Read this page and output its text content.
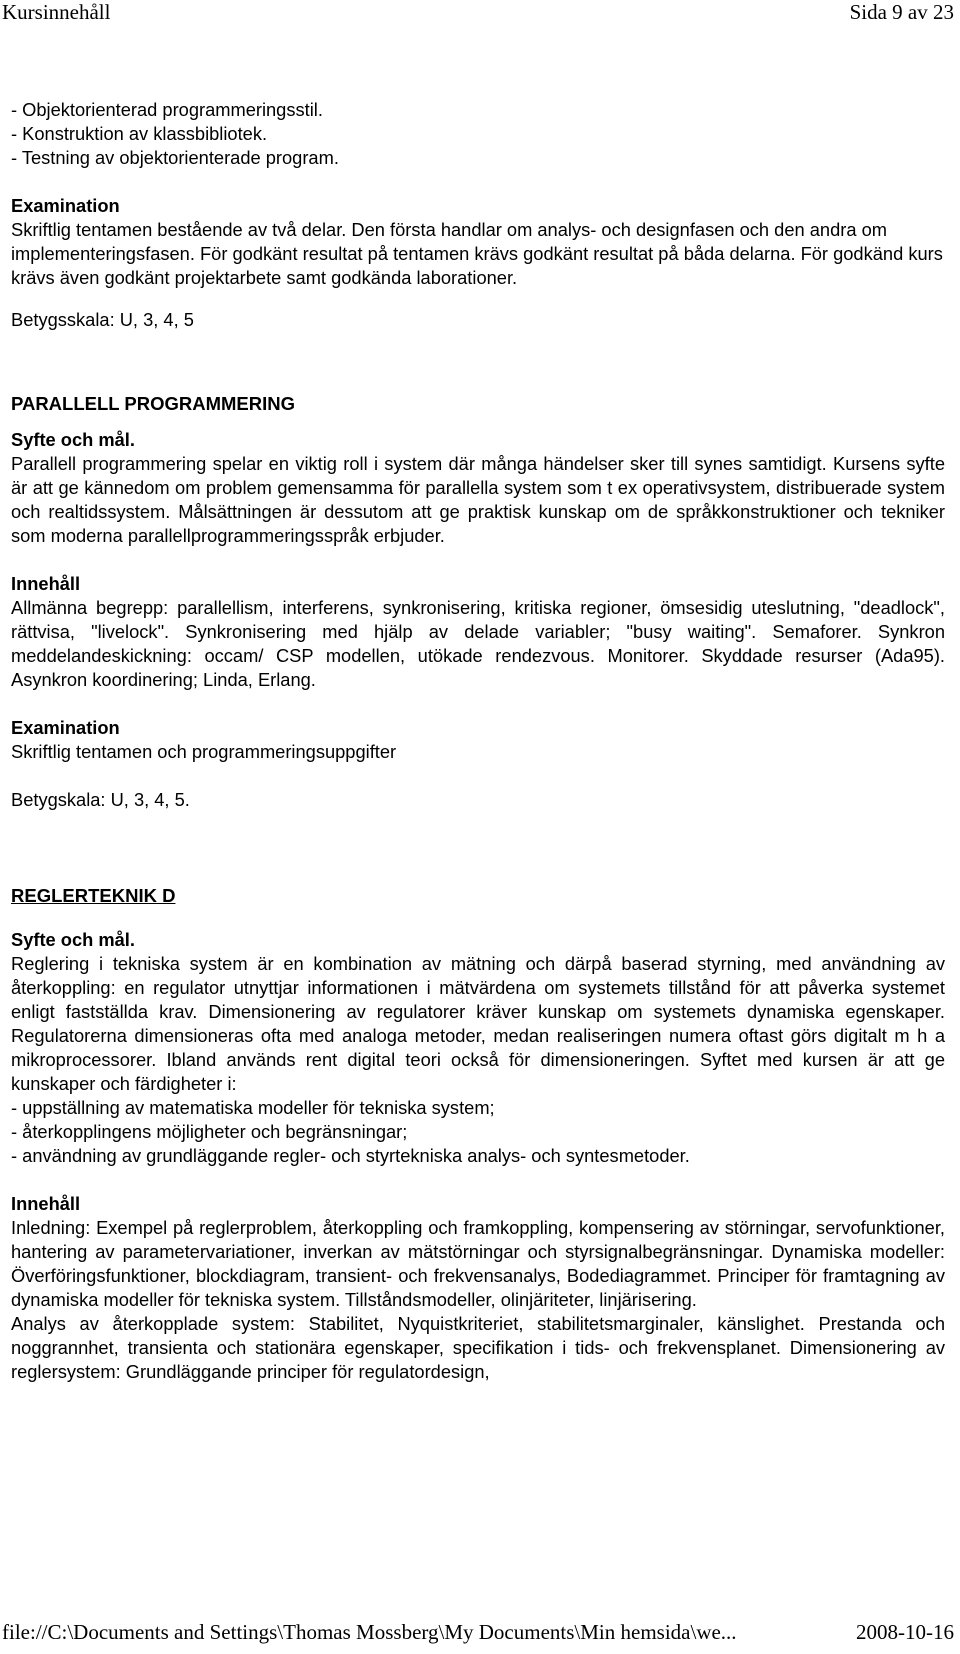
Kursinnehåll	Sida 9 av 23

- Objektorienterad programmeringsstil.

- Konstruktion av klassbibliotek.

- Testning av objektorienterade program.

Examination

Skriftlig tentamen bestående av två delar. Den första handlar om analys- och designfasen och den andra om implementeringsfasen. För godkänt resultat på tentamen krävs godkänt resultat på båda delarna. För godkänd kurs krävs även godkänt projektarbete samt godkända laborationer.

Betygsskala: U, 3, 4, 5

PARALLELL PROGRAMMERING

Syfte och mål.

Parallell programmering spelar en viktig roll i system där många händelser sker till synes samtidigt. Kursens syfte är att ge kännedom om problem gemensamma för parallella system som t ex operativsystem, distribuerade system och realtidssystem. Målsättningen är dessutom att ge praktisk kunskap om de språkkonstruktioner och tekniker som moderna parallellprogrammeringsspråk erbjuder.

Innehåll

Allmänna begrepp: parallellism, interferens, synkronisering, kritiska regioner, ömsesidig uteslutning, "deadlock", rättvisa, "livelock". Synkronisering med hjälp av delade variabler; "busy waiting". Semaforer. Synkron meddelandeskickning: occam/ CSP modellen, utökade rendezvous. Monitorer. Skyddade resurser (Ada95). Asynkron koordinering; Linda, Erlang.

Examination

Skriftlig tentamen och programmeringsuppgifter

Betygskala: U, 3, 4, 5.

REGLERTEKNIK D

Syfte och mål.

Reglering i tekniska system är en kombination av mätning och därpå baserad styrning, med användning av återkoppling: en regulator utnyttjar informationen i mätvärdena om systemets tillstånd för att påverka systemet enligt fastställda krav. Dimensionering av regulatorer kräver kunskap om systemets dynamiska egenskaper. Regulatorerna dimensioneras ofta med analoga metoder, medan realiseringen numera oftast görs digitalt m h a mikroprocessorer. Ibland används rent digital teori också för dimensioneringen. Syftet med kursen är att ge kunskaper och färdigheter i:

- uppställning av matematiska modeller för tekniska system;

- återkopplingens möjligheter och begränsningar;

- användning av grundläggande regler- och styrtekniska analys- och syntesmetoder.

Innehåll

Inledning: Exempel på reglerproblem, återkoppling och framkoppling, kompensering av störningar, servofunktioner, hantering av parametervariationer, inverkan av mätstörningar och styrsignalbegränsningar. Dynamiska modeller: Överföringsfunktioner, blockdiagram, transient- och frekvensanalys, Bodediagrammet. Principer för framtagning av dynamiska modeller för tekniska system. Tillståndsmodeller, olinjäriteter, linjärisering.

Analys av återkopplade system: Stabilitet, Nyquistkriteriet, stabilitetsmarginaler, känslighet. Prestanda och noggrannhet, transienta och stationära egenskaper, specifikation i tids- och frekvensplanet. Dimensionering av reglersystem: Grundläggande principer för regulatordesign,

file://C:\Documents and Settings\Thomas Mossberg\My Documents\Min hemsida\we...	2008-10-16
